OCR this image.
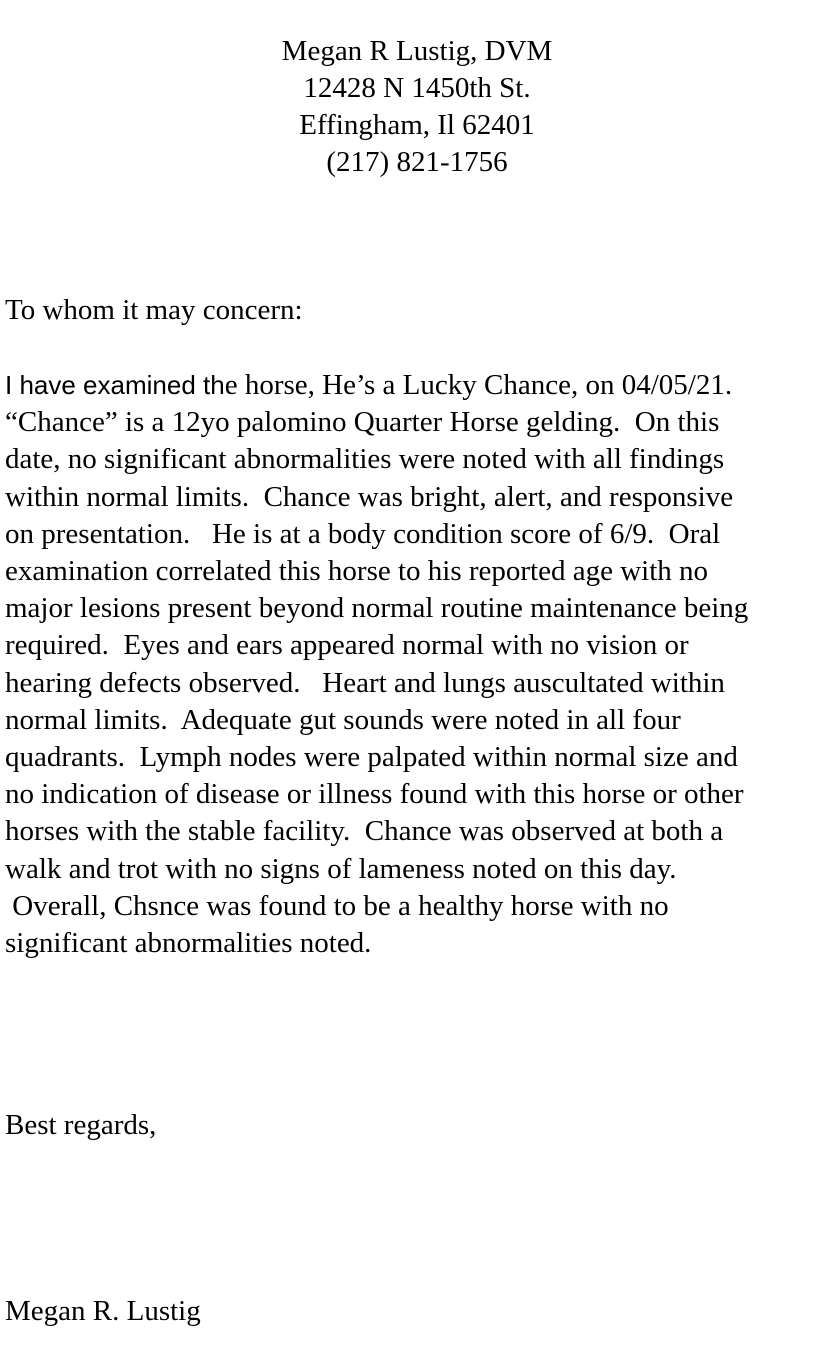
Megan R Lustig, DVM
12428 N 1450th St.
Effingham, Il 62401
(217) 821-1756
To whom it may concern:
I have examined the horse, He’s a Lucky Chance, on 04/05/21.
“Chance” is a 12yo palomino Quarter Horse gelding.  On this
date, no significant abnormalities were noted with all findings
within normal limits.  Chance was bright, alert, and responsive
on presentation.   He is at a body condition score of 6/9.  Oral
examination correlated this horse to his reported age with no
major lesions present beyond normal routine maintenance being
required.  Eyes and ears appeared normal with no vision or
hearing defects observed.   Heart and lungs auscultated within
normal limits.  Adequate gut sounds were noted in all four
quadrants.  Lymph nodes were palpated within normal size and
no indication of disease or illness found with this horse or other
horses with the stable facility.  Chance was observed at both a
walk and trot with no signs of lameness noted on this day.
Overall, Chsnce was found to be a healthy horse with no
significant abnormalities noted.
Best regards,
Megan R. Lustig
